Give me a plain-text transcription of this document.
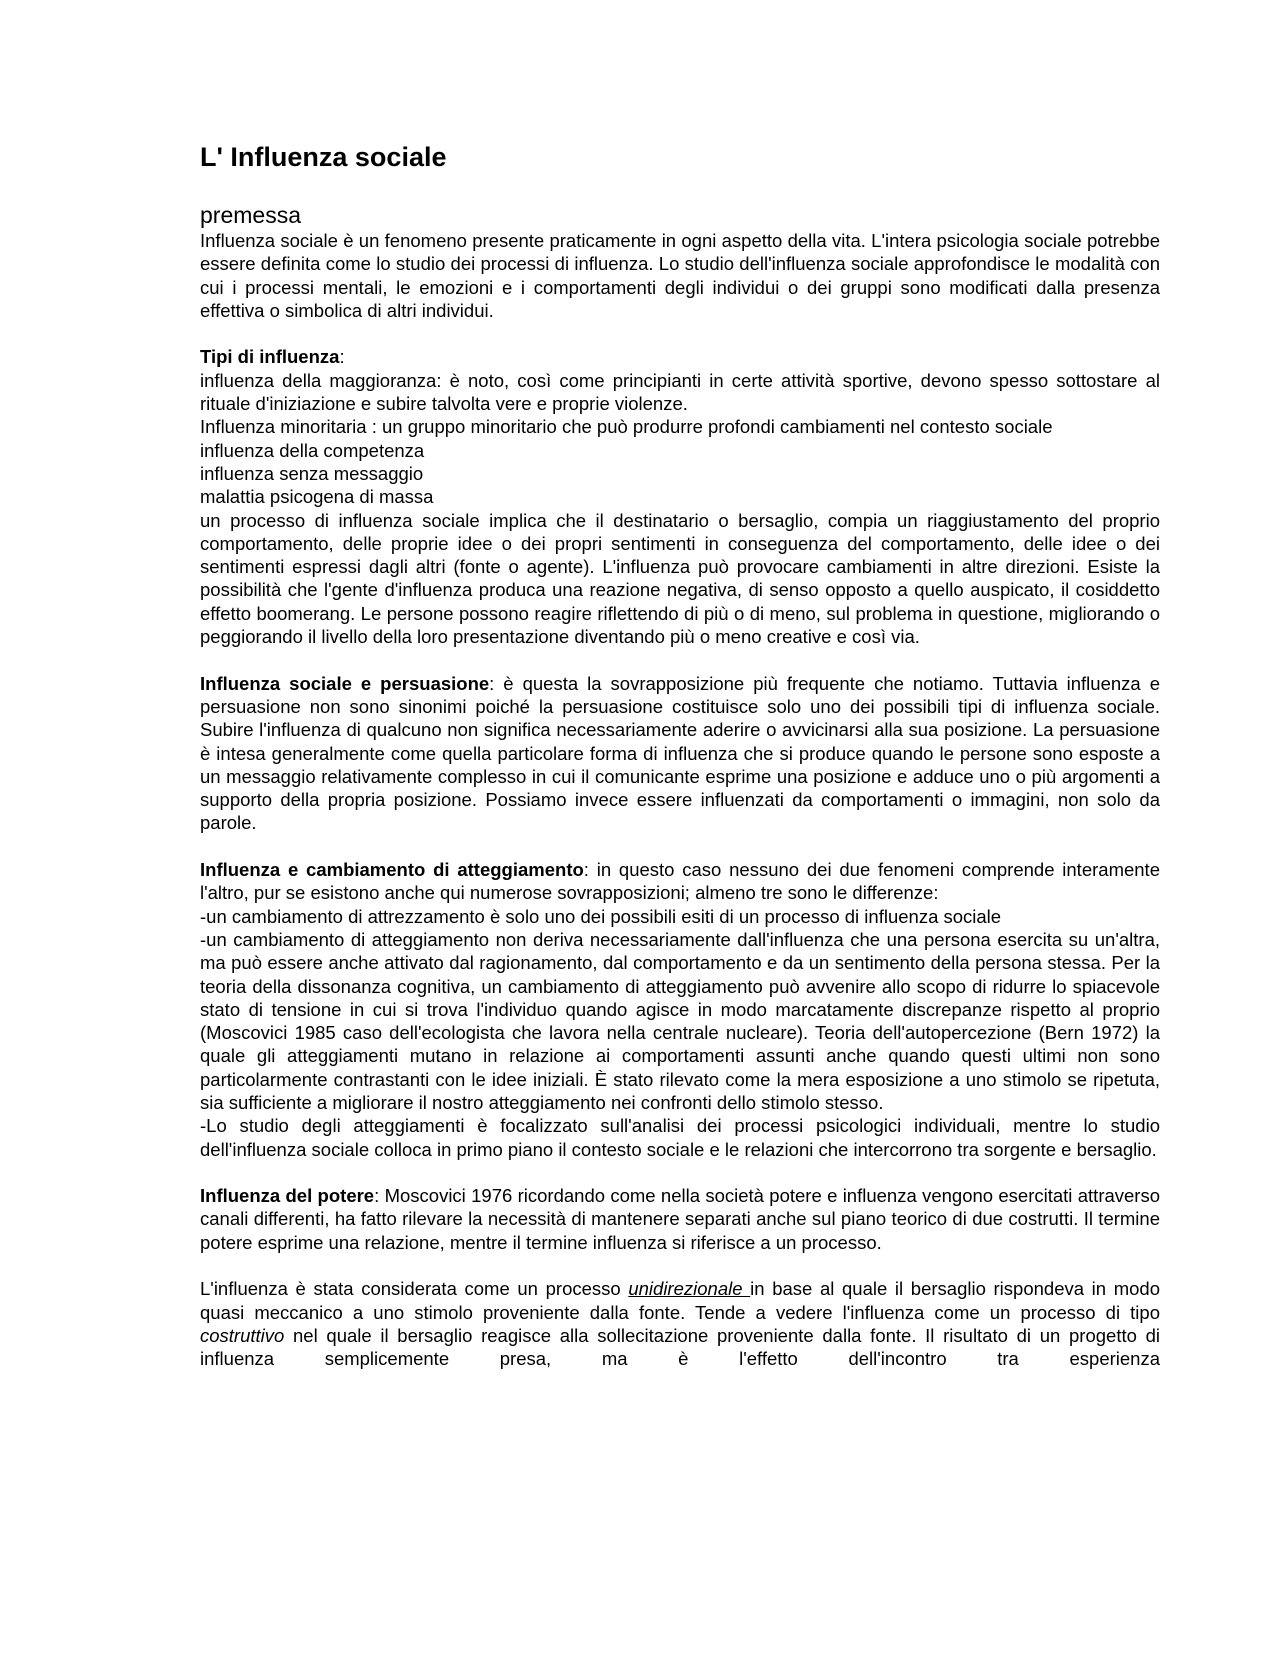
L' Influenza sociale
premessa

Influenza sociale è un fenomeno presente praticamente in ogni aspetto della vita. L'intera psicologia sociale potrebbe essere definita come lo studio dei processi di influenza. Lo studio dell'influenza sociale approfondisce le modalità con cui i processi mentali, le emozioni e i comportamenti degli individui o dei gruppi sono modificati dalla presenza effettiva o simbolica di altri individui.

Tipi di influenza:

influenza della maggioranza: è noto, così come principianti in certe attività sportive, devono spesso sottostare al rituale d'iniziazione e subire talvolta vere e proprie violenze.

Influenza minoritaria : un gruppo minoritario che può produrre profondi cambiamenti nel contesto sociale

influenza della competenza

influenza senza messaggio

malattia psicogena di massa

un processo di influenza sociale implica che il destinatario o bersaglio, compia un riaggiustamento del proprio comportamento, delle proprie idee o dei propri sentimenti in conseguenza del comportamento, delle idee o dei sentimenti espressi dagli altri (fonte o agente). L'influenza può provocare cambiamenti in altre direzioni. Esiste la possibilità che l'gente d'influenza produca una reazione negativa, di senso opposto a quello auspicato, il cosiddetto effetto boomerang. Le persone possono reagire riflettendo di più o di meno, sul problema in questione, migliorando o peggiorando il livello della loro presentazione diventando più o meno creative e così via.

Influenza sociale e persuasione: è questa la sovrapposizione più frequente che notiamo. Tuttavia influenza e persuasione non sono sinonimi poiché la persuasione costituisce solo uno dei possibili tipi di influenza sociale. Subire l'influenza di qualcuno non significa necessariamente aderire o avvicinarsi alla sua posizione. La persuasione è intesa generalmente come quella particolare forma di influenza che si produce quando le persone sono esposte a un messaggio relativamente complesso in cui il comunicante esprime una posizione e adduce uno o più argomenti a supporto della propria posizione. Possiamo invece essere influenzati da comportamenti o immagini, non solo da parole.

Influenza e cambiamento di atteggiamento: in questo caso nessuno dei due fenomeni comprende interamente l'altro, pur se esistono anche qui numerose sovrapposizioni; almeno tre sono le differenze:

-un cambiamento di attrezzamento è solo uno dei possibili esiti di un processo di influenza sociale

-un cambiamento di atteggiamento non deriva necessariamente dall'influenza che una persona esercita su un'altra, ma può essere anche attivato dal ragionamento, dal comportamento e da un sentimento della persona stessa. Per la teoria della dissonanza cognitiva, un cambiamento di atteggiamento può avvenire allo scopo di ridurre lo spiacevole stato di tensione in cui si trova l'individuo quando agisce in modo marcatamente discrepanze rispetto al proprio (Moscovici 1985 caso dell'ecologista che lavora nella centrale nucleare). Teoria dell'autopercezione (Bern 1972) la quale gli atteggiamenti mutano in relazione ai comportamenti assunti anche quando questi ultimi non sono particolarmente contrastanti con le idee iniziali. È stato rilevato come la mera esposizione a uno stimolo se ripetuta, sia sufficiente a migliorare il nostro atteggiamento nei confronti dello stimolo stesso.

-Lo studio degli atteggiamenti è focalizzato sull'analisi dei processi psicologici individuali, mentre lo studio dell'influenza sociale colloca in primo piano il contesto sociale e le relazioni che intercorrono tra sorgente e bersaglio.

Influenza del potere: Moscovici 1976 ricordando come nella società potere e influenza vengono esercitati attraverso canali differenti, ha fatto rilevare la necessità di mantenere separati anche sul piano teorico di due costrutti. Il termine potere esprime una relazione, mentre il termine influenza si riferisce a un processo.

L'influenza è stata considerata come un processo unidirezionale in base al quale il bersaglio rispondeva in modo quasi meccanico a uno stimolo proveniente dalla fonte. Tende a vedere l'influenza come un processo di tipo costruttivo nel quale il bersaglio reagisce alla sollecitazione proveniente dalla fonte. Il risultato di un progetto di influenza semplicemente presa, ma è l'effetto dell'incontro tra esperienza
